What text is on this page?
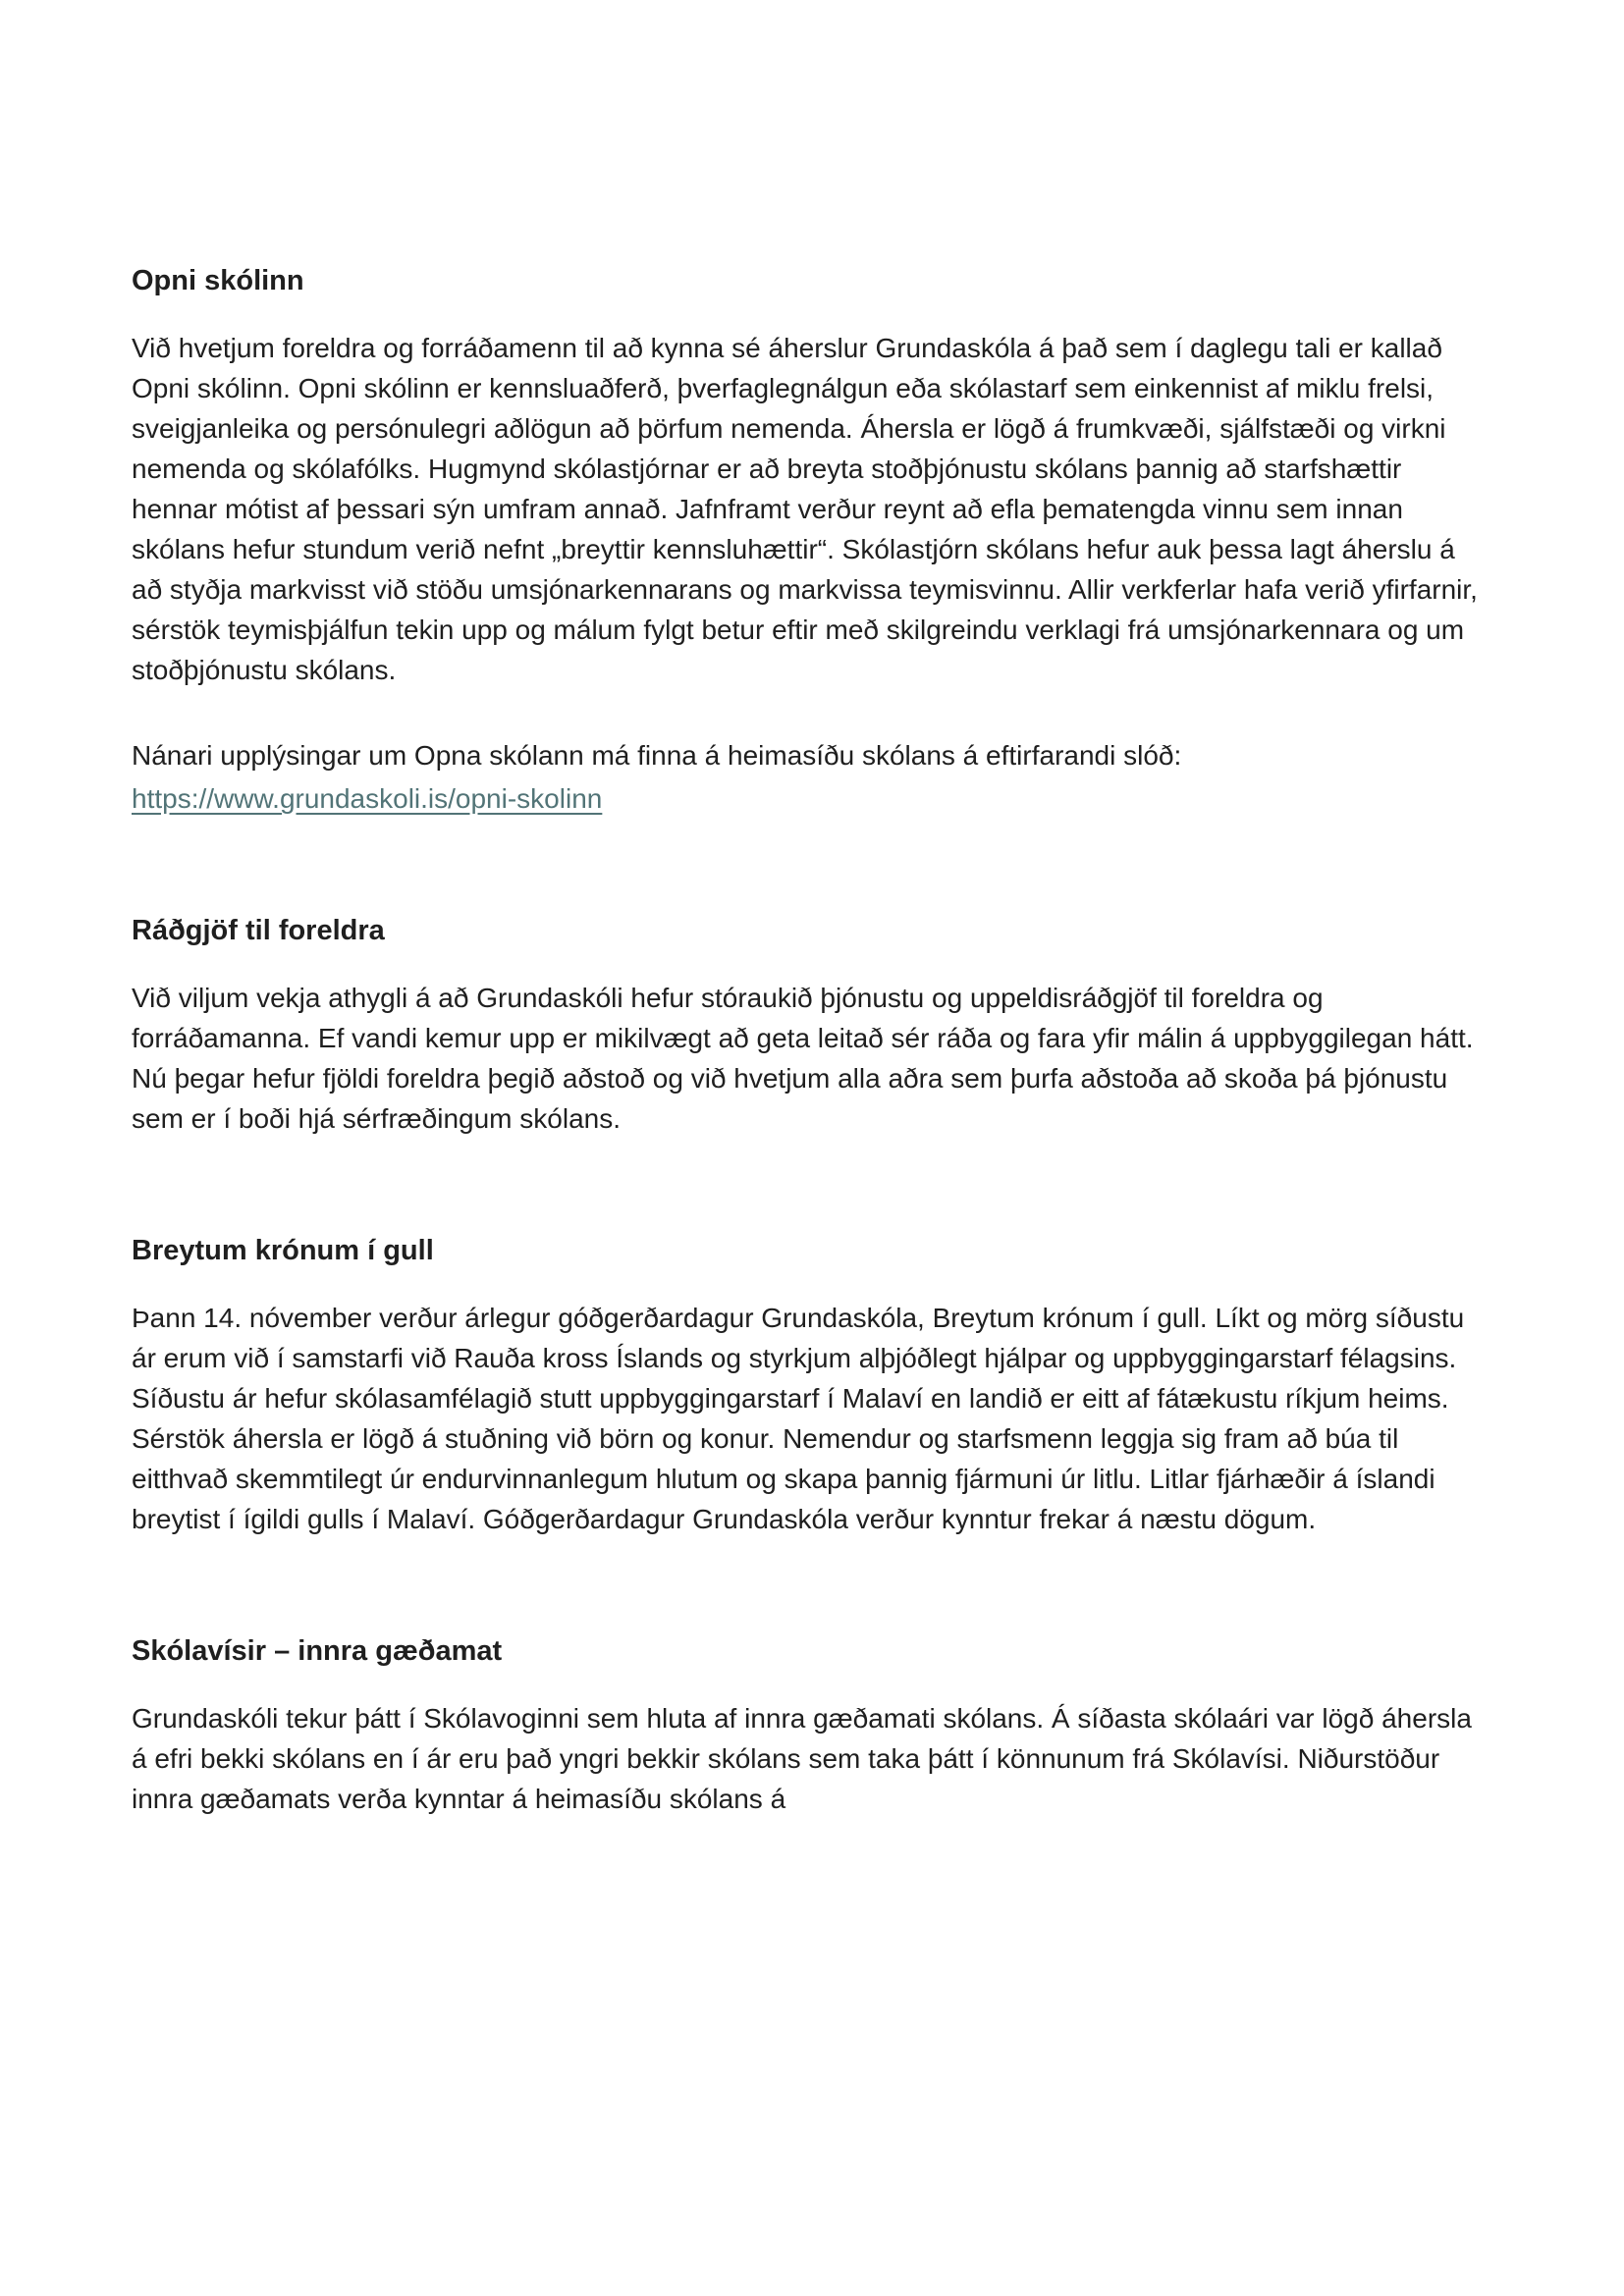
Opni skólinn

Við hvetjum foreldra og forráðamenn til að kynna sé áherslur Grundaskóla á það sem í daglegu tali er kallað Opni skólinn. Opni skólinn er kennsluaðferð, þverfaglegnálgun eða skólastarf sem einkennist af miklu frelsi, sveigjanleika og persónulegri aðlögun að þörfum nemenda. Áhersla er lögð á frumkvæði, sjálfstæði og virkni nemenda og skólafólks. Hugmynd skólastjórnar er að breyta stoðþjónustu skólans þannig að starfshættir hennar mótist af þessari sýn umfram annað. Jafnframt verður reynt að efla þematengda vinnu sem innan skólans hefur stundum verið nefnt „breyttir kennsluhættir“. Skólastjórn skólans hefur auk þessa lagt áherslu á að styðja markvisst við stöðu umsjónarkennarans og markvissa teymisvinnu. Allir verkferlar hafa verið yfirfarnir, sérstök teymisþjálfun tekin upp og málum fylgt betur eftir með skilgreindu verklagi frá umsjónarkennara og um stoðþjónustu skólans.

Nánari upplýsingar um Opna skólann má finna á heimasíðu skólans á eftirfarandi slóð:
https://www.grundaskoli.is/opni-skolinn

Ráðgjöf til foreldra

Við viljum vekja athygli á að Grundaskóli hefur stóraukið þjónustu og uppeldisráðgjöf til foreldra og forráðamanna. Ef vandi kemur upp er mikilvægt að geta leitað sér ráða og fara yfir málin á uppbyggilegan hátt. Nú þegar hefur fjöldi foreldra þegið aðstoð og við hvetjum alla aðra sem þurfa aðstoða að skoða þá þjónustu sem er í boði hjá sérfræðingum skólans.

Breytum krónum í gull

Þann 14. nóvember verður árlegur góðgerðardagur Grundaskóla, Breytum krónum í gull. Líkt og mörg síðustu ár erum við í samstarfi við Rauða kross Íslands og styrkjum alþjóðlegt hjálpar og uppbyggingarstarf félagsins. Síðustu ár hefur skólasamfélagið stutt uppbyggingarstarf í Malaví en landið er eitt af fátækustu ríkjum heims. Sérstök áhersla er lögð á stuðning við börn og konur. Nemendur og starfsmenn leggja sig fram að búa til eitthvað skemmtilegt úr endurvinnanlegum hlutum og skapa þannig fjármuni úr litlu. Litlar fjárhæðir á íslandi breytist í ígildi gulls í Malaví. Góðgerðardagur Grundaskóla verður kynntur frekar á næstu dögum.

Skólavísir – innra gæðamat

Grundaskóli tekur þátt í Skólavoginni sem hluta af innra gæðamati skólans. Á síðasta skólaári var lögð áhersla á efri bekki skólans en í ár eru það yngri bekkir skólans sem taka þátt í könnunum frá Skólavísi. Niðurstöður innra gæðamats verða kynntar á heimasíðu skólans á
